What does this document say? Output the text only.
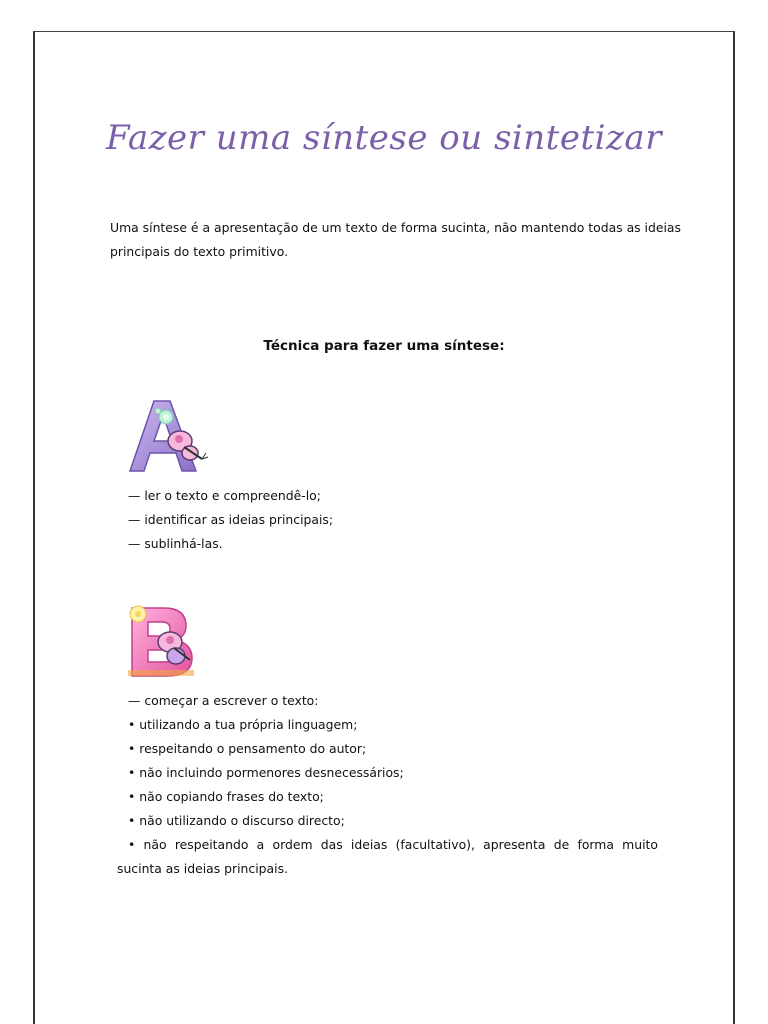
Fazer uma síntese ou sintetizar

Uma síntese é a apresentação de um texto de forma sucinta, não mantendo todas as ideias principais do texto primitivo.

Técnica para fazer uma síntese:
— ler o texto e compreendê-lo;
— identificar as ideias principais;
— sublinhá-las.
— começar a escrever o texto:
• utilizando a tua própria linguagem;
• respeitando o pensamento do autor;
• não incluindo pormenores desnecessários;
• não copiando frases do texto;
• não utilizando o discurso directo;
• não respeitando a ordem das ideias (facultativo), apresenta de forma muito
sucinta as ideias principais.
